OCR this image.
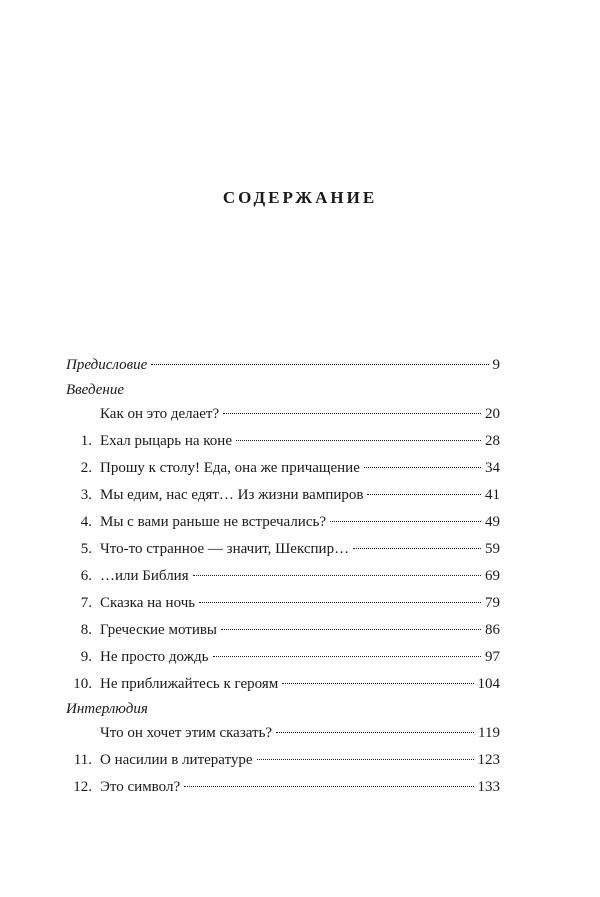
СОДЕРЖАНИЕ
Предисловие	9
Введение
Как он это делает?	20
1. Ехал рыцарь на коне	28
2. Прошу к столу! Еда, она же причащение	34
3. Мы едим, нас едят… Из жизни вампиров	41
4. Мы с вами раньше не встречались?	49
5. Что-то странное — значит, Шекспир…	59
6. …или Библия	69
7. Сказка на ночь	79
8. Греческие мотивы	86
9. Не просто дождь	97
10. Не приближайтесь к героям	104
Интерлюдия
Что он хочет этим сказать?	119
11. О насилии в литературе	123
12. Это символ?	133
